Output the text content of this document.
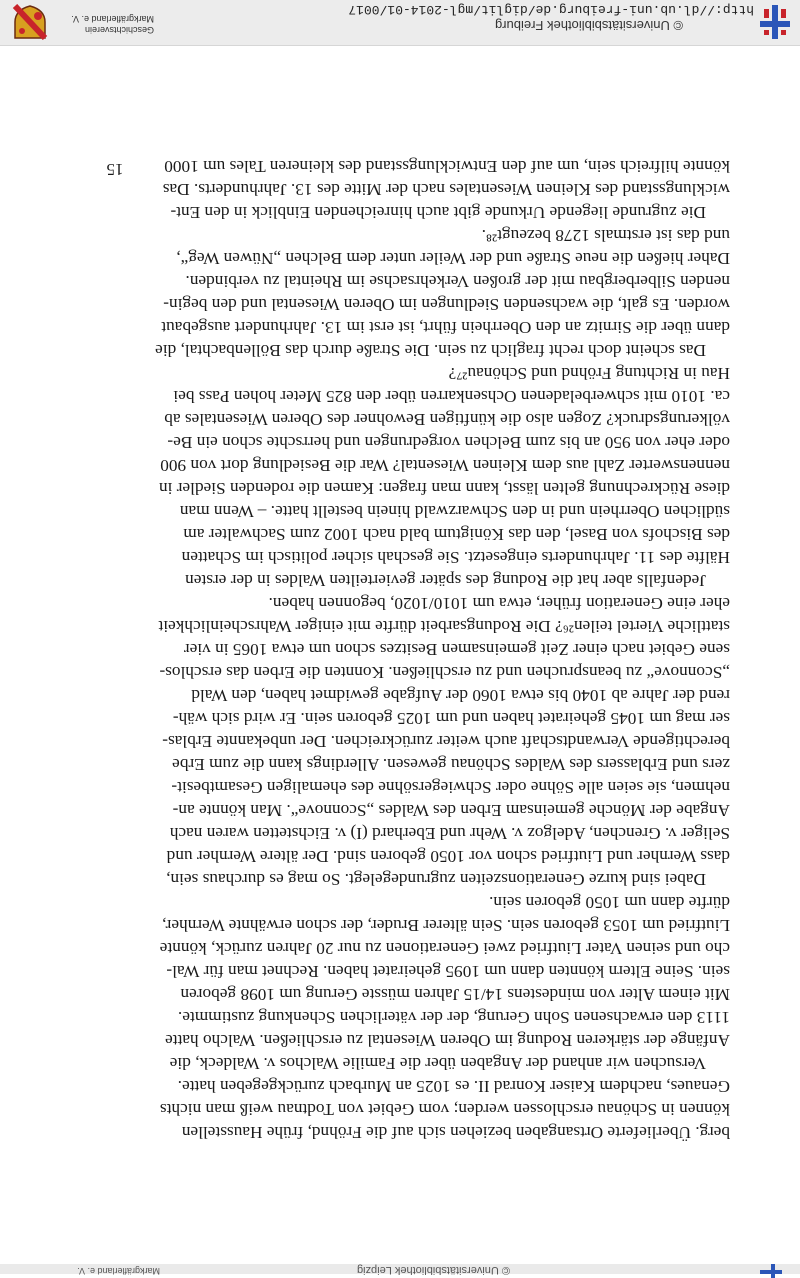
© Universitätsbibliothek Leipzig
Markgräflerland e. V.
berg. Überlieferte Ortsangaben beziehen sich auf die Fröhnd, frühe Hausstellen
können in Schönau erschlossen werden; vom Gebiet von Todtnau weiß man nichts
Genaues, nachdem Kaiser Konrad II. es 1025 an Murbach zurückgegeben hatte.
Versuchen wir anhand der Angaben über die Familie Walchos v. Waldeck, die
Anfänge der stärkeren Rodung im Oberen Wiesental zu erschließen. Walcho hatte
1113 den erwachsenen Sohn Gerung, der der väterlichen Schenkung zustimmte.
Mit einem Alter von mindestens 14/15 Jahren müsste Gerung um 1098 geboren
sein. Seine Eltern könnten dann um 1095 geheiratet haben. Rechnet man für Wal-
cho und seinen Vater Liutfried zwei Generationen zu nur 20 Jahren zurück, könnte
Liutfried um 1053 geboren sein. Sein älterer Bruder, der schon erwähnte Wernher,
dürfte dann um 1050 geboren sein.
Dabei sind kurze Generationszeiten zugrundegelegt. So mag es durchaus sein,
dass Wernher und Liutfried schon vor 1050 geboren sind. Der ältere Wernher und
Seliger v. Grenchen, Adelgoz v. Wehr und Eberhard (I) v. Eichstetten waren nach
Angabe der Mönche gemeinsam Erben des Waldes „Sconnove“. Man könnte an-
nehmen, sie seien alle Söhne oder Schwiegersöhne des ehemaligen Gesamtbesit-
zers und Erblassers des Waldes Schönau gewesen. Allerdings kann die zum Erbe
berechtigende Verwandtschaft auch weiter zurückreichen. Der unbekannte Erblas-
ser mag um 1045 geheiratet haben und um 1025 geboren sein. Er wird sich wäh-
rend der Jahre ab 1040 bis etwa 1060 der Aufgabe gewidmet haben, den Wald
„Sconnove“ zu beanspruchen und zu erschließen. Konnten die Erben das erschlos-
sene Gebiet nach einer Zeit gemeinsamen Besitzes schon um etwa 1065 in vier
stattliche Viertel teilen²⁶? Die Rodungsarbeit dürfte mit einiger Wahrscheinlichkeit
eher eine Generation früher, etwa um 1010/1020, begonnen haben.
Jedenfalls aber hat die Rodung des später gevierteilten Waldes in der ersten
Hälfte des 11. Jahrhunderts eingesetzt. Sie geschah sicher politisch im Schatten
des Bischofs von Basel, den das Königtum bald nach 1002 zum Sachwalter am
südlichen Oberrhein und in den Schwarzwald hinein bestellt hatte. – Wenn man
diese Rückrechnung gelten lässt, kann man fragen: Kamen die rodenden Siedler in
nennenswerter Zahl aus dem Kleinen Wiesental? War die Besiedlung dort von 900
oder eher von 950 an bis zum Belchen vorgedrungen und herrschte schon ein Be-
völkerungsdruck? Zogen also die künftigen Bewohner des Oberen Wiesentales ab
ca. 1010 mit schwerbeladenen Ochsenkarren über den 825 Meter hohen Pass bei
Hau in Richtung Fröhnd und Schönau²⁷?
Das scheint doch recht fraglich zu sein. Die Straße durch das Böllenbachtal, die
dann über die Sirnitz an den Oberrhein führt, ist erst im 13. Jahrhundert ausgebaut
worden. Es galt, die wachsenden Siedlungen im Oberen Wiesental und den begin-
nenden Silberbergbau mit der großen Verkehrsachse im Rheintal zu verbinden.
Daher hießen die neue Straße und der Weiler unter dem Belchen „Nüwen Weg“,
und das ist erstmals 1278 bezeugt²⁸.
Die zugrunde liegende Urkunde gibt auch hinreichenden Einblick in den Ent-
wicklungsstand des Kleinen Wiesentales nach der Mitte des 13. Jahrhunderts. Das
könnte hilfreich sein, um auf den Entwicklungsstand des kleineren Tales um 1000
15
© Universitätsbibliothek Freiburg
http://dl.ub.uni-freiburg.de/diglit/mgl-2014-01/0017
Geschichtsverein
Markgräflerland e. V.
